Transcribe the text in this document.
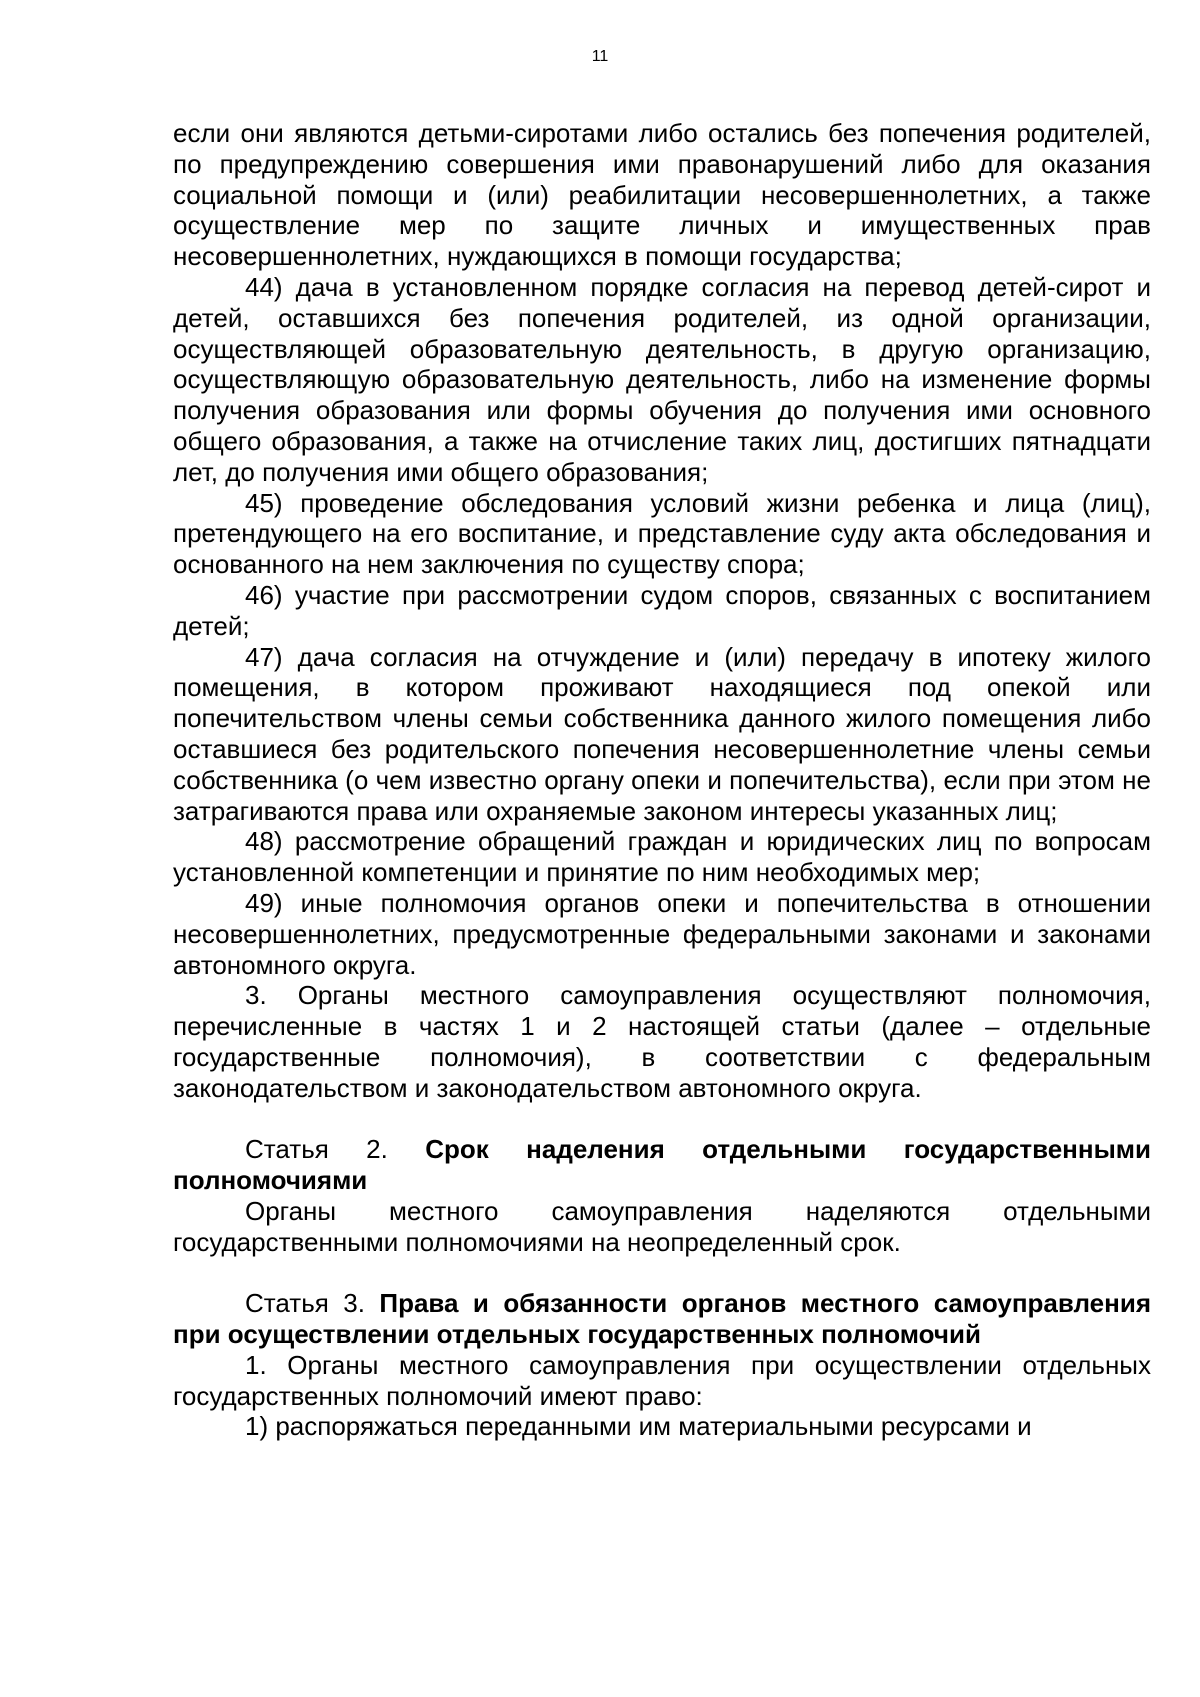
11

если они являются детьми-сиротами либо остались без попечения родителей, по предупреждению совершения ими правонарушений либо для оказания социальной помощи и (или) реабилитации несовершеннолетних, а также осуществление мер по защите личных и имущественных прав несовершеннолетних, нуждающихся в помощи государства;

44) дача в установленном порядке согласия на перевод детей-сирот и детей, оставшихся без попечения родителей, из одной организации, осуществляющей образовательную деятельность, в другую организацию, осуществляющую образовательную деятельность, либо на изменение формы получения образования или формы обучения до получения ими основного общего образования, а также на отчисление таких лиц, достигших пятнадцати лет, до получения ими общего образования;

45) проведение обследования условий жизни ребенка и лица (лиц), претендующего на его воспитание, и представление суду акта обследования и основанного на нем заключения по существу спора;

46) участие при рассмотрении судом споров, связанных с воспитанием детей;

47) дача согласия на отчуждение и (или) передачу в ипотеку жилого помещения, в котором проживают находящиеся под опекой или попечительством члены семьи собственника данного жилого помещения либо оставшиеся без родительского попечения несовершеннолетние члены семьи собственника (о чем известно органу опеки и попечительства), если при этом не затрагиваются права или охраняемые законом интересы указанных лиц;

48) рассмотрение обращений граждан и юридических лиц по вопросам установленной компетенции и принятие по ним необходимых мер;

49) иные полномочия органов опеки и попечительства в отношении несовершеннолетних, предусмотренные федеральными законами и законами автономного округа.

3. Органы местного самоуправления осуществляют полномочия, перечисленные в частях 1 и 2 настоящей статьи (далее – отдельные государственные полномочия), в соответствии с федеральным законодательством и законодательством автономного округа.

Статья 2. Срок наделения отдельными государственными полномочиями

Органы местного самоуправления наделяются отдельными государственными полномочиями на неопределенный срок.

Статья 3. Права и обязанности органов местного самоуправления при осуществлении отдельных государственных полномочий

1. Органы местного самоуправления при осуществлении отдельных государственных полномочий имеют право:

1) распоряжаться переданными им материальными ресурсами и
